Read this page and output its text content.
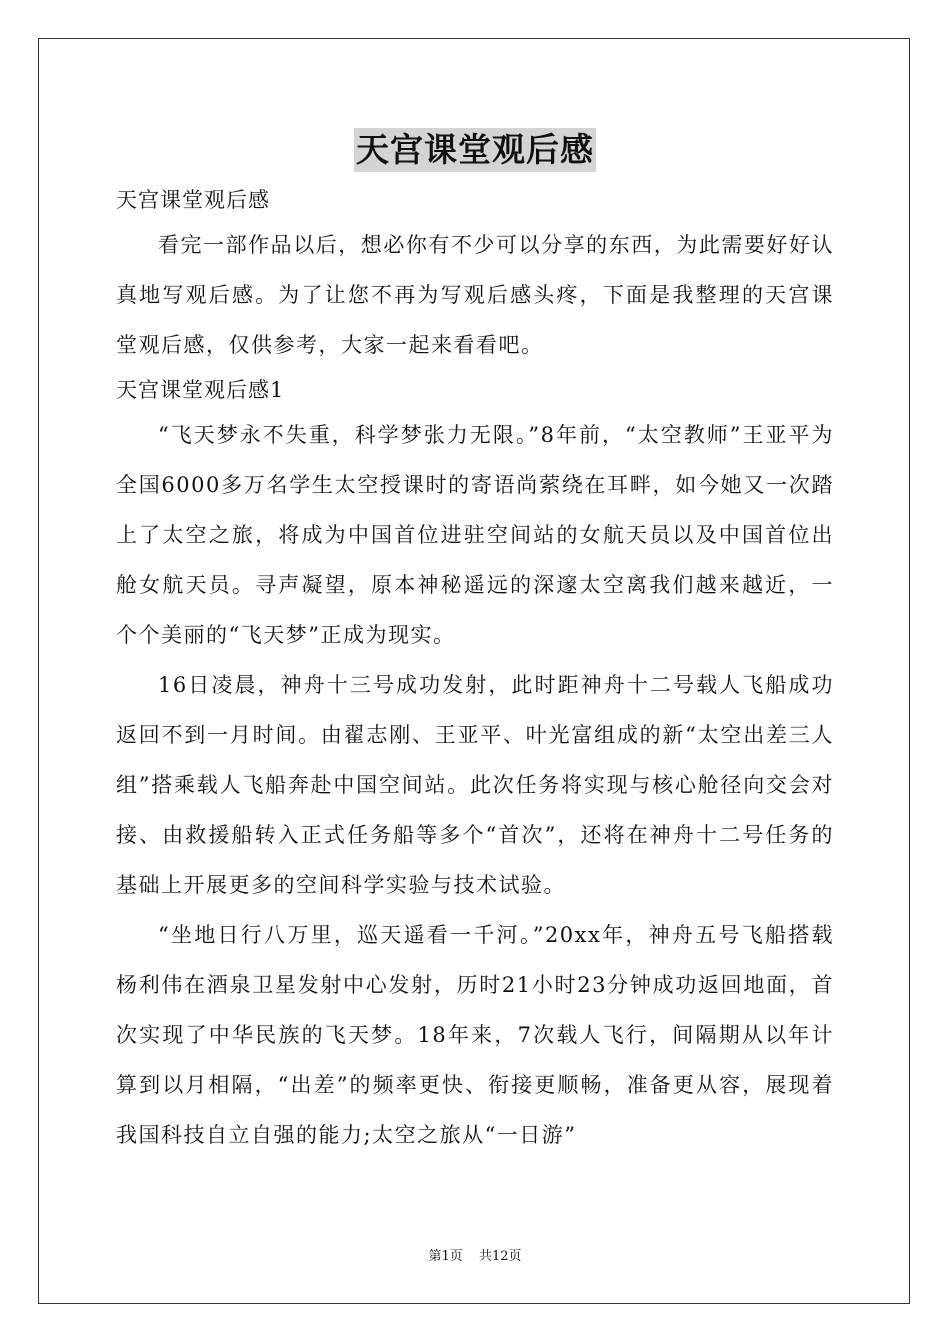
天宫课堂观后感

天宫课堂观后感

看完一部作品以后，想必你有不少可以分享的东西，为此需要好好认真地写观后感。为了让您不再为写观后感头疼，下面是我整理的天宫课堂观后感，仅供参考，大家一起来看看吧。

天宫课堂观后感1

“飞天梦永不失重，科学梦张力无限。”8年前，“太空教师”王亚平为全国6000多万名学生太空授课时的寄语尚萦绕在耳畔，如今她又一次踏上了太空之旅，将成为中国首位进驻空间站的女航天员以及中国首位出舱女航天员。寻声凝望，原本神秘遥远的深邃太空离我们越来越近，一个个美丽的“飞天梦”正成为现实。

16日凌晨，神舟十三号成功发射，此时距神舟十二号载人飞船成功返回不到一月时间。由翟志刚、王亚平、叶光富组成的新“太空出差三人组”搭乘载人飞船奔赴中国空间站。此次任务将实现与核心舱径向交会对接、由救援船转入正式任务船等多个“首次”，还将在神舟十二号任务的基础上开展更多的空间科学实验与技术试验。

“坐地日行八万里，巡天遥看一千河。”20xx年，神舟五号飞船搭载杨利伟在酒泉卫星发射中心发射，历时21小时23分钟成功返回地面，首次实现了中华民族的飞天梦。18年来，7次载人飞行，间隔期从以年计算到以月相隔，“出差”的频率更快、衔接更顺畅，准备更从容，展现着我国科技自立自强的能力;太空之旅从“一日游”

第1页 共12页
